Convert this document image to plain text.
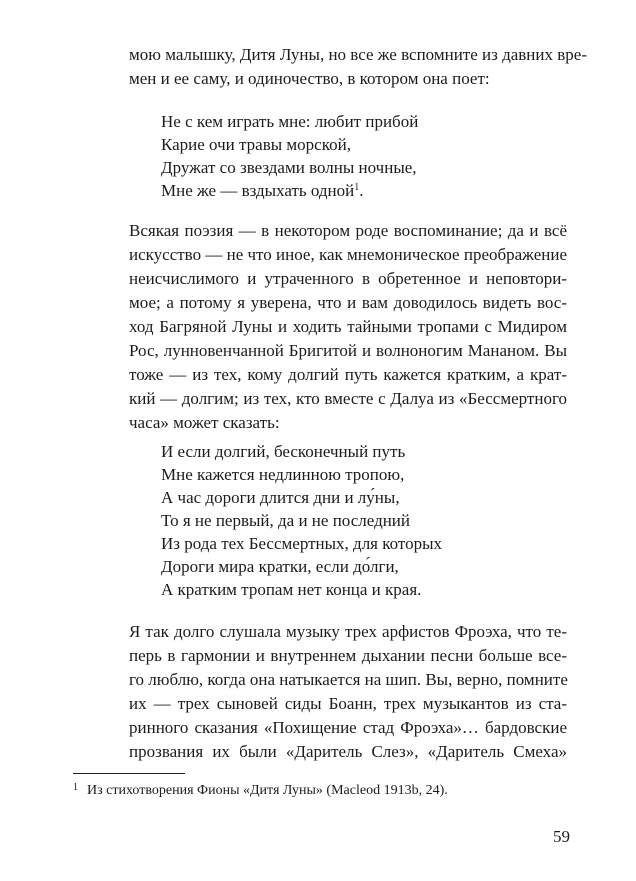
мою малышку, Дитя Луны, но все же вспомните из давних вре-
мен и ее саму, и одиночество, в котором она поет:
Не с кем играть мне: любит прибой
Карие очи травы морской,
Дружат со звездами волны ночные,
Мне же — вздыхать одной$^1$.
Всякая поэзия — в некотором роде воспоминание; да и всё
искусство — не что иное, как мнемоническое преображение
неисчислимого и утраченного в обретенное и неповтори-
мое; а потому я уверена, что и вам доводилось видеть вос-
ход Багряной Луны и ходить тайными тропами с Мидиром
Рос, лунновенчанной Бригитой и волноногим Мананом. Вы
тоже — из тех, кому долгий путь кажется кратким, а крат-
кий — долгим; из тех, кто вместе с Далуа из «Бессмертного
часа» может сказать:
И если долгий, бесконечный путь
Мне кажется недлинною тропою,
А час дороги длится дни и лу́ны,
То я не первый, да и не последний
Из рода тех Бессмертных, для которых
Дороги мира кратки, если до́лги,
А кратким тропам нет конца и края.
Я так долго слушала музыку трех арфистов Фроэха, что те-
перь в гармонии и внутреннем дыхании песни больше все-
го люблю, когда она натыкается на шип. Вы, верно, помните
их — трех сыновей сиды Боанн, трех музыкантов из ста-
ринного сказания «Похищение стад Фроэха»… бардовские
прозвания их были «Даритель Слез», «Даритель Смеха»
1 Из стихотворения Фионы «Дитя Луны» (Macleod 1913b, 24).
59
